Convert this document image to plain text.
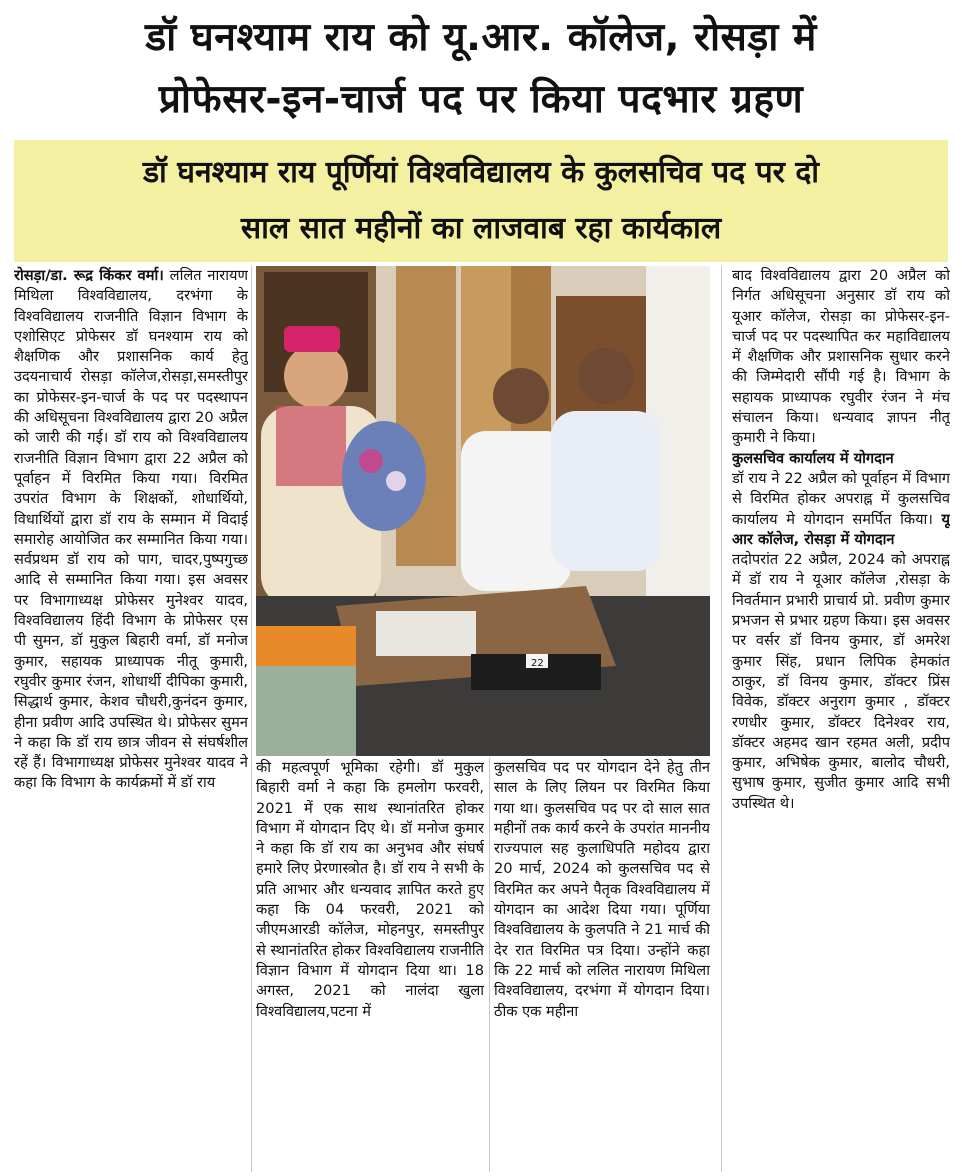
डॉ घनश्याम राय को यू.आर. कॉलेज, रोसड़ा में
प्रोफेसर-इन-चार्ज पद पर किया पदभार ग्रहण
डॉ घनश्याम राय पूर्णियां विश्वविद्यालय के कुलसचिव पद पर दो
साल सात महीनों का लाजवाब रहा कार्यकाल

रोसड़ा/डा. रूद्र किंकर वर्मा। ललित नारायण मिथिला विश्वविद्यालय, दरभंगा के विश्वविद्यालय राजनीति विज्ञान विभाग के एशोसिएट प्रोफेसर डॉ घनश्याम राय को शैक्षणिक और प्रशासनिक कार्य हेतु उदयनाचार्य रोसड़ा कॉलेज,रोसड़ा,समस्तीपुर का प्रोफेसर-इन-चार्ज के पद पर पदस्थापन की अधिसूचना विश्वविद्यालय द्वारा 20 अप्रैल को जारी की गई। डॉ राय को विश्वविद्यालय राजनीति विज्ञान विभाग द्वारा 22 अप्रैल को पूर्वाहन में विरमित किया गया। विरमित उपरांत विभाग के शिक्षकों, शोधार्थियो, विधार्थियों द्वारा डॉ राय के सम्मान में विदाई समारोह आयोजित कर सम्मानित किया गया। सर्वप्रथम डॉ राय को पाग, चादर,पुष्पगुच्छ आदि से सम्मानित किया गया। इस अवसर पर विभागाध्यक्ष प्रोफेसर मुनेश्वर यादव, विश्वविद्यालय हिंदी विभाग के प्रोफेसर एस पी सुमन, डॉ मुकुल बिहारी वर्मा, डॉ मनोज कुमार, सहायक प्राध्यापक नीतू कुमारी, रघुवीर कुमार रंजन, शोधार्थी दीपिका कुमारी, सिद्धार्थ कुमार, केशव चौधरी,कुनंदन कुमार, हीना प्रवीण आदि उपस्थित थे। प्रोफेसर सुमन ने कहा कि डॉ राय छात्र जीवन से संघर्षशील रहें हैं। विभागाध्यक्ष प्रोफेसर मुनेश्वर यादव ने कहा कि विभाग के कार्यक्रमों में डॉ राय

22

की महत्वपूर्ण भूमिका रहेगी। डॉ मुकुल बिहारी वर्मा ने कहा कि हमलोग फरवरी, 2021 में एक साथ स्थानांतरित होकर विभाग में योगदान दिए थे। डॉ मनोज कुमार ने कहा कि डॉ राय का अनुभव और संघर्ष हमारे लिए प्रेरणास्त्रोत है। डॉ राय ने सभी के प्रति आभार और धन्यवाद ज्ञापित करते हुए कहा कि 04 फरवरी, 2021 को जीएमआरडी कॉलेज, मोहनपुर, समस्तीपुर से स्थानांतरित होकर विश्वविद्यालय राजनीति विज्ञान विभाग में योगदान दिया था। 18 अगस्त, 2021 को नालंदा खुला विश्वविद्यालय,पटना में

कुलसचिव पद पर योगदान देने हेतु तीन साल के लिए लियन पर विरमित किया गया था। कुलसचिव पद पर दो साल सात महीनों तक कार्य करने के उपरांत माननीय राज्यपाल सह कुलाधिपति महोदय द्वारा 20 मार्च, 2024 को कुलसचिव पद से विरमित कर अपने पैतृक विश्वविद्यालय में योगदान का आदेश दिया गया। पूर्णिया विश्वविद्यालय के कुलपति ने 21 मार्च की देर रात विरमित पत्र दिया। उन्होंने कहा कि 22 मार्च को ललित नारायण मिथिला विश्वविद्यालय, दरभंगा में योगदान दिया। ठीक एक महीना

बाद विश्वविद्यालय द्वारा 20 अप्रैल को निर्गत अधिसूचना अनुसार डॉ राय को यूआर कॉलेज, रोसड़ा का प्रोफेसर-इन-चार्ज पद पर पदस्थापित कर महाविद्यालय में शैक्षणिक और प्रशासनिक सुधार करने की जिम्मेदारी सौंपी गई है। विभाग के सहायक प्राध्यापक रघुवीर रंजन ने मंच संचालन किया। धन्यवाद ज्ञापन नीतू कुमारी ने किया।

कुलसचिव कार्यालय में योगदान

डॉ राय ने 22 अप्रैल को पूर्वाहन में विभाग से विरमित होकर अपराह्न में कुलसचिव कार्यालय मे योगदान समर्पित किया। यू आर कॉलेज, रोसड़ा में योगदान

तदोपरांत 22 अप्रैल, 2024 को अपराह्न में डॉ राय ने यूआर कॉलेज ,रोसड़ा के निवर्तमान प्रभारी प्राचार्य प्रो. प्रवीण कुमार प्रभजन से प्रभार ग्रहण किया। इस अवसर पर वर्सर डॉ विनय कुमार, डॉ अमरेश कुमार सिंह, प्रधान लिपिक हेमकांत ठाकुर, डॉ विनय कुमार, डॉक्टर प्रिंस विवेक, डॉक्टर अनुराग कुमार , डॉक्टर रणधीर कुमार, डॉक्टर दिनेश्वर राय, डॉक्टर अहमद खान रहमत अली, प्रदीप कुमार, अभिषेक कुमार, बालोद चौधरी, सुभाष कुमार, सुजीत कुमार आदि सभी उपस्थित थे।
